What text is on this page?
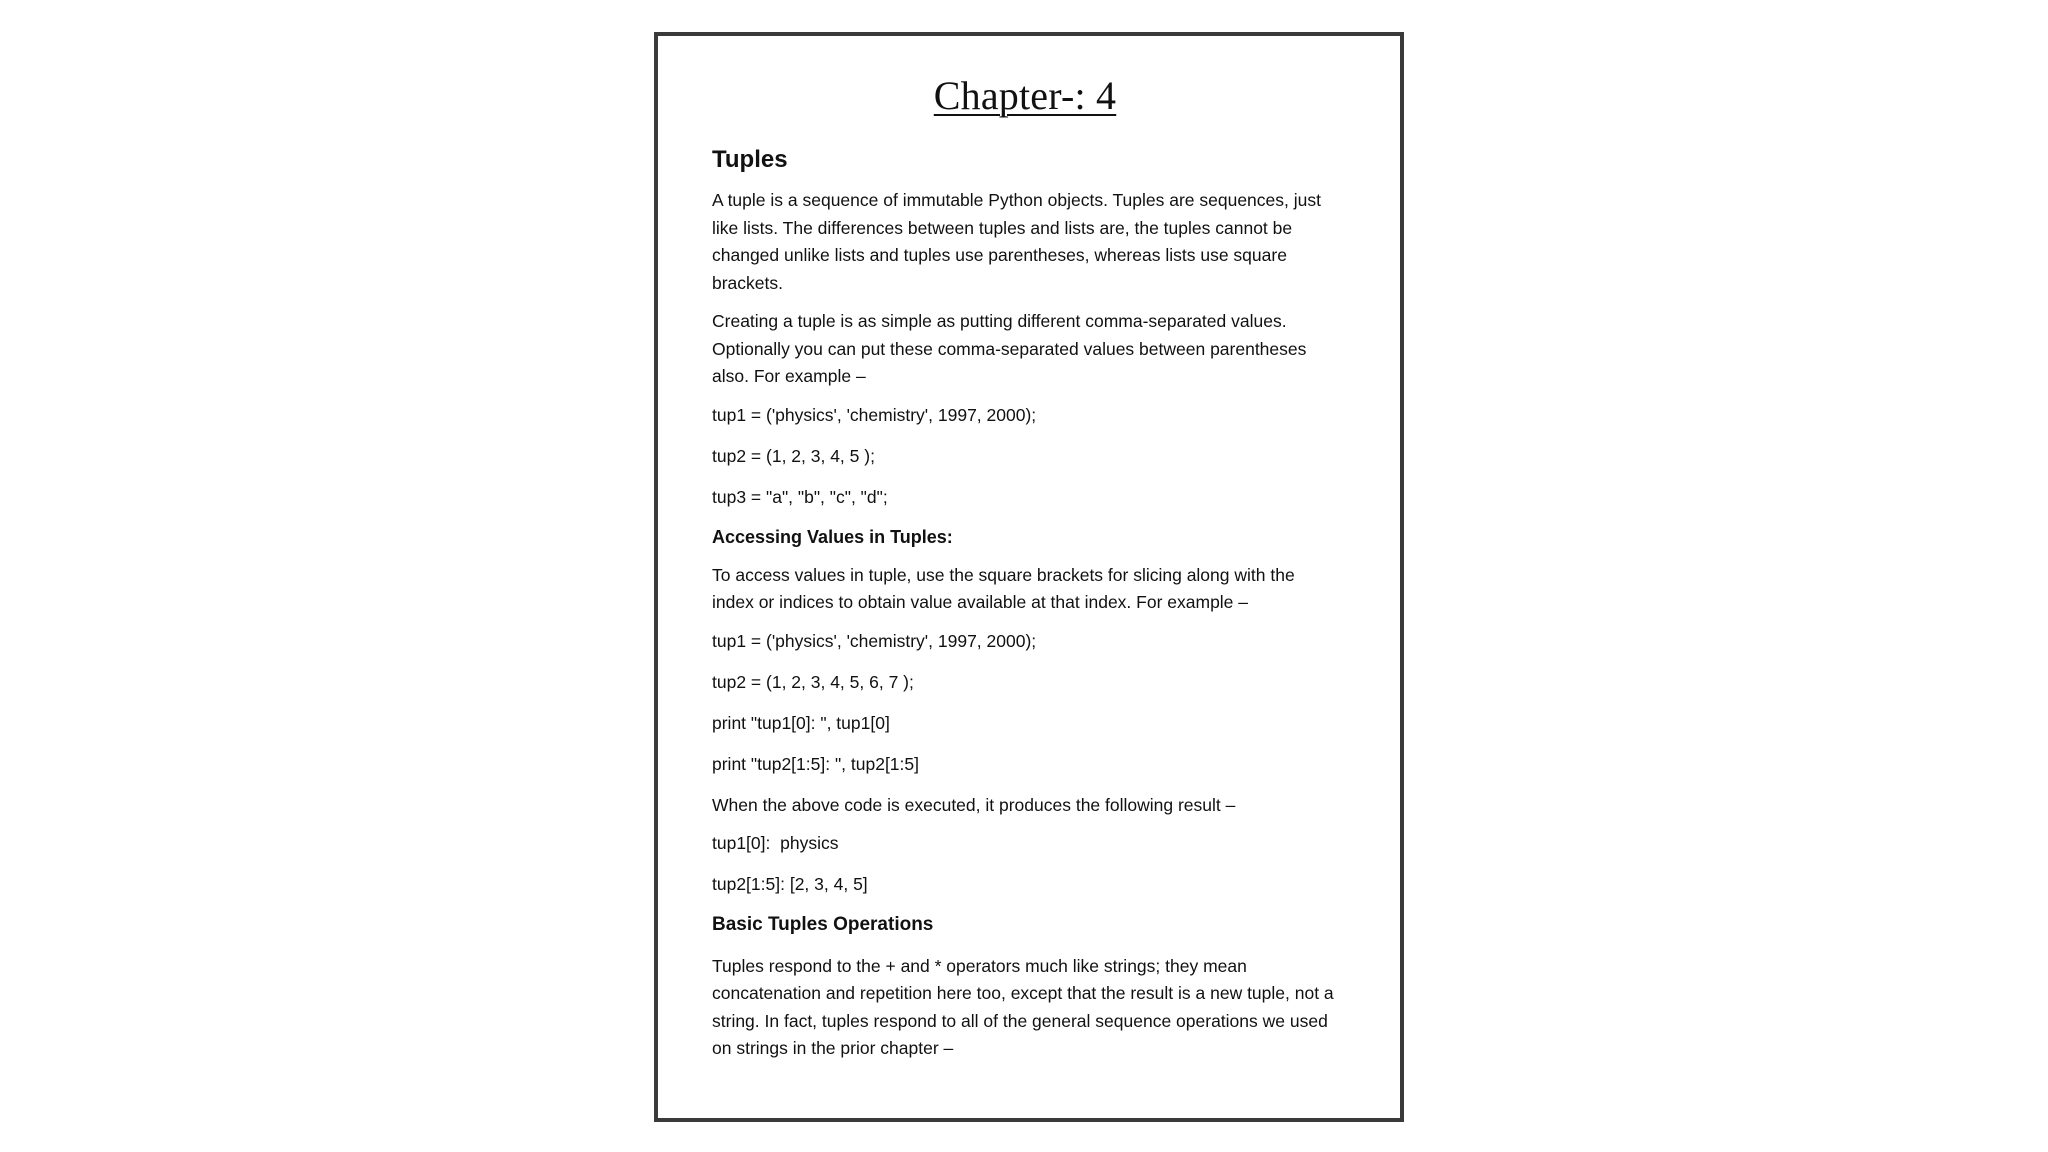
Chapter-: 4
Tuples

A tuple is a sequence of immutable Python objects. Tuples are sequences, just like lists. The differences between tuples and lists are, the tuples cannot be changed unlike lists and tuples use parentheses, whereas lists use square brackets.

Creating a tuple is as simple as putting different comma-separated values. Optionally you can put these comma-separated values between parentheses also. For example –

tup1 = ('physics', 'chemistry', 1997, 2000);
tup2 = (1, 2, 3, 4, 5 );
tup3 = "a", "b", "c", "d";
Accessing Values in Tuples:

To access values in tuple, use the square brackets for slicing along with the index or indices to obtain value available at that index. For example –

tup1 = ('physics', 'chemistry', 1997, 2000);
tup2 = (1, 2, 3, 4, 5, 6, 7 );
print "tup1[0]: ", tup1[0]
print "tup2[1:5]: ", tup2[1:5]

When the above code is executed, it produces the following result –

tup1[0]:  physics
tup2[1:5]: [2, 3, 4, 5]
Basic Tuples Operations

Tuples respond to the + and * operators much like strings; they mean concatenation and repetition here too, except that the result is a new tuple, not a string. In fact, tuples respond to all of the general sequence operations we used on strings in the prior chapter –
